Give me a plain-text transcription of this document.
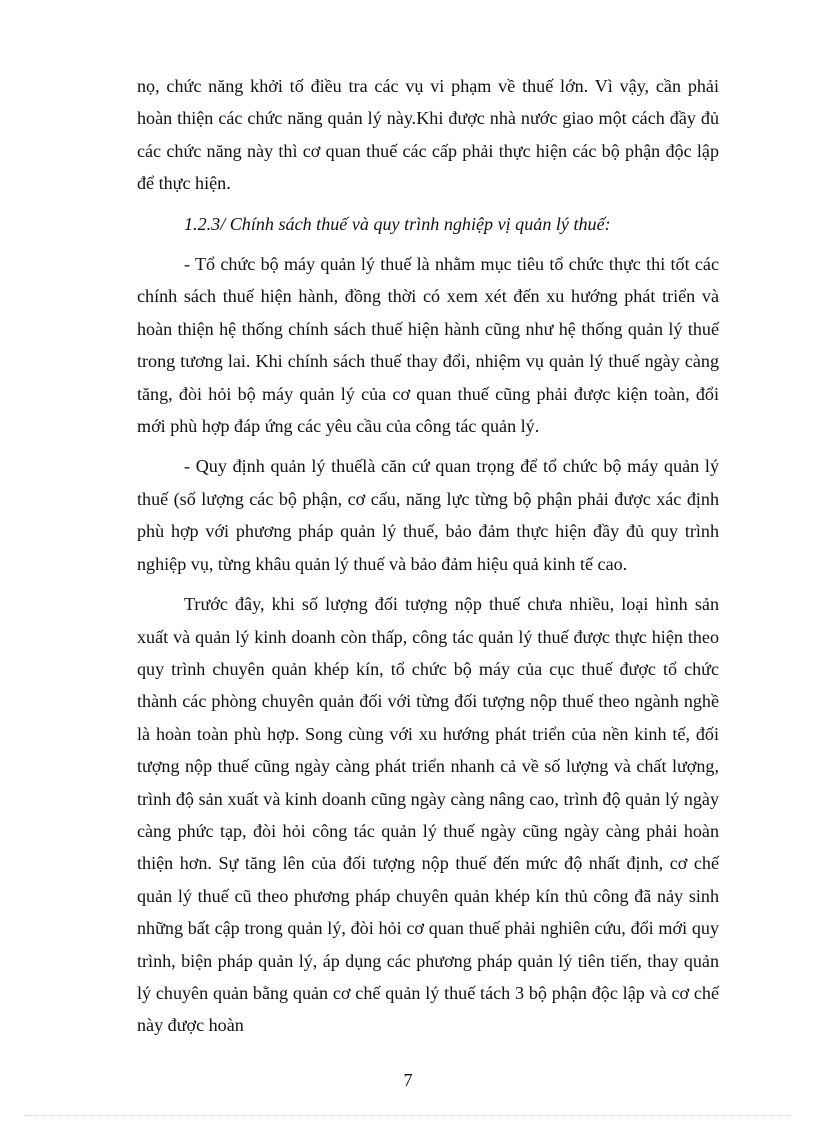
nọ, chức năng khởi tố điều tra các vụ vi phạm về thuế lớn. Vì vậy, cần phải hoàn thiện các chức năng quản lý này.Khi được nhà nước giao một cách đầy đủ các chức năng này thì cơ quan thuế các cấp phải thực hiện các bộ phận độc lập để thực hiện.

1.2.3/ Chính sách thuế và quy trình nghiệp vị quản lý thuế:

- Tổ chức bộ máy quản lý thuế là nhằm mục tiêu tổ chức thực thi tốt các chính sách thuế hiện hành, đồng thời có xem xét đến xu hướng phát triển và hoàn thiện hệ thống chính sách thuế hiện hành cũng như hệ thống quản lý thuế trong tương lai. Khi chính sách thuế thay đổi, nhiệm vụ quản lý thuế ngày càng tăng, đòi hỏi bộ máy quản lý của cơ quan thuế cũng phải được kiện toàn, đổi mới phù hợp đáp ứng các yêu cầu của công tác quản lý.

- Quy định quản lý thuếlà căn cứ quan trọng để tổ chức bộ máy quản lý thuế (số lượng các bộ phận, cơ cấu, năng lực từng bộ phận phải được xác định phù hợp với phương pháp quản lý thuế, bảo đảm thực hiện đầy đủ quy trình nghiệp vụ, từng khâu quản lý thuế và bảo đảm hiệu quả kinh tế cao.

Trước đây, khi số lượng đối tượng nộp thuế chưa nhiều, loại hình sản xuất và quản lý kinh doanh còn thấp, công tác quản lý thuế được thực hiện theo quy trình chuyên quản khép kín, tổ chức bộ máy của cục thuế được tổ chức thành các phòng chuyên quản đối với từng đối tượng nộp thuế theo ngành nghề là hoàn toàn phù hợp. Song cùng với xu hướng phát triển của nền kinh tế, đối tượng nộp thuế cũng ngày càng phát triển nhanh cả về số lượng và chất lượng, trình độ sản xuất và kinh doanh cũng ngày càng nâng cao, trình độ quản lý ngày càng phức tạp, đòi hỏi công tác quản lý thuế ngày cũng ngày càng phải hoàn thiện hơn. Sự tăng lên của đối tượng nộp thuế đến mức độ nhất định, cơ chế quản lý thuế cũ theo phương pháp chuyên quản khép kín thủ công đã nảy sinh những bất cập trong quản lý, đòi hỏi cơ quan thuế phải nghiên cứu, đổi mới quy trình, biện pháp quản lý, áp dụng các phương pháp quản lý tiên tiến, thay quản lý chuyên quản bằng quản cơ chế quản lý thuế tách 3 bộ phận độc lập và cơ chế này được hoàn

7
